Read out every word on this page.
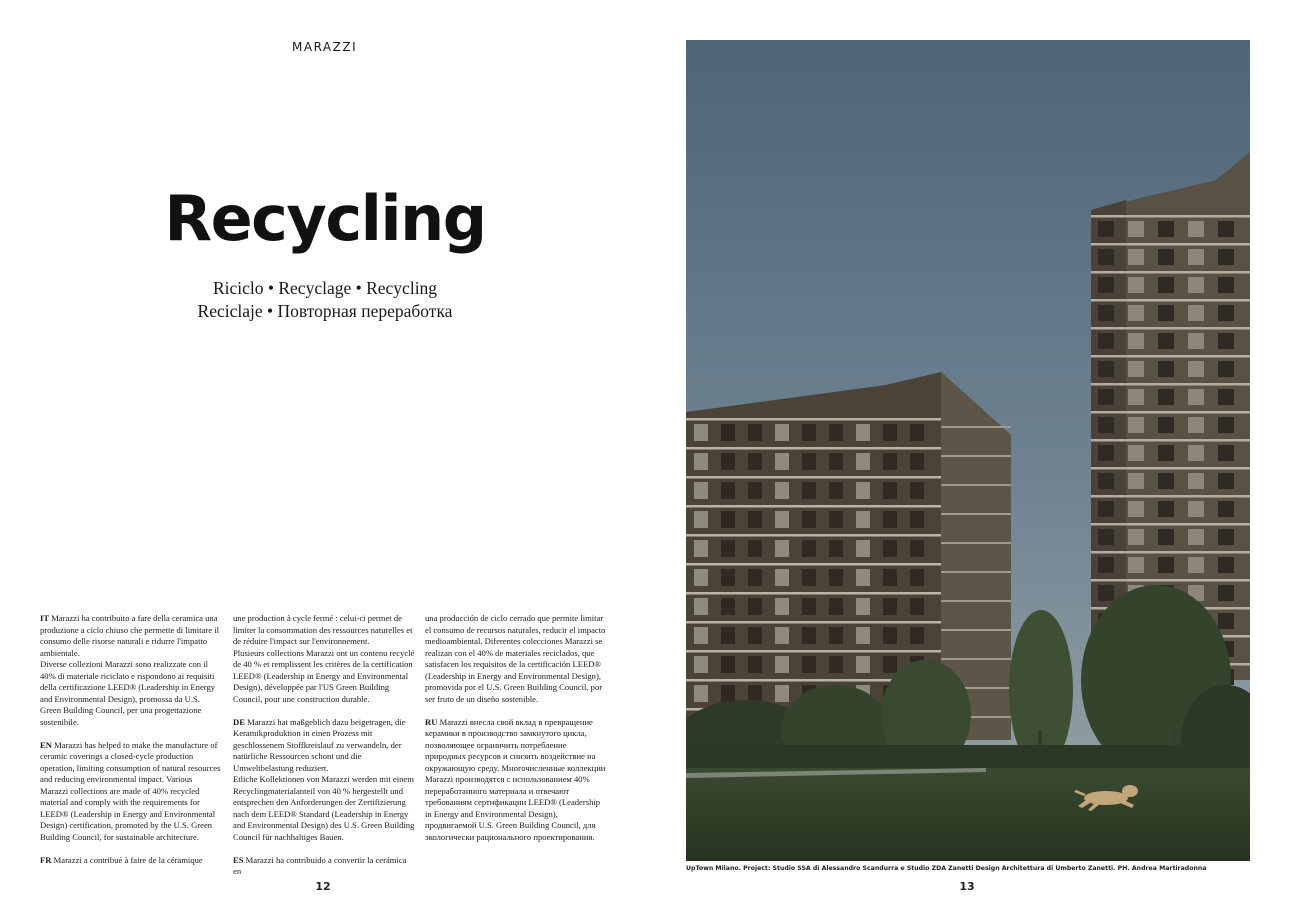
MARAZZI
Recycling
Riciclo • Recyclage • Recycling
Reciclaje • Повторная переработка

IT Marazzi ha contribuito a fare della ceramica una produzione a ciclo chiuso che permette di limitare il consumo delle risorse naturali e ridurre l'impatto ambientale.

Diverse collezioni Marazzi sono realizzate con il 40% di materiale riciclato e rispondono ai requisiti della certificazione LEED® (Leadership in Energy and Environmental Design), promossa da U.S. Green Building Council, per una progettazione sostenibile.

EN Marazzi has helped to make the manufacture of ceramic coverings a closed-cycle production operation, limiting consumption of natural resources and reducing environmental impact. Various Marazzi collections are made of 40% recycled material and comply with the requirements for LEED® (Leadership in Energy and Environmental Design) certification, promoted by the U.S. Green Building Council, for sustainable architecture.

FR Marazzi a contribué à faire de la céramique

une production à cycle fermé : celui-ci permet de limiter la consommation des ressources naturelles et de réduire l'impact sur l'environnement.

Plusieurs collections Marazzi ont un contenu recyclé de 40 % et remplissent les critères de la certification LEED® (Leadership in Energy and Environmental Design), développée par l'US Green Building Council, pour une construction durable.

DE Marazzi hat maßgeblich dazu beigetragen, die Keramikproduktion in einen Prozess mit geschlossenem Stoffkreislauf zu verwandeln, der natürliche Ressourcen schont und die Umweltbelastung reduziert.

Etliche Kollektionen von Marazzi werden mit einem Recyclingmaterialanteil von 40 % hergestellt und entsprechen den Anforderungen der Zertifizierung nach dem LEED® Standard (Leadership in Energy and Environmental Design) des U.S. Green Building Council für nachhaltiges Bauen.

ES Marazzi ha contribuido a convertir la cerámica en

una producción de ciclo cerrado que permite limitar el consumo de recursos naturales, reducir el impacto medioambiental. Diferentes colecciones Marazzi se realizan con el 40% de materiales reciclados, que satisfacen los requisitos de la certificación LEED® (Leadership in Energy and Environmental Design), promovida por el U.S. Green Building Council, por ser fruto de un diseño sostenible.

RU Marazzi внесла свой вклад в превращение керамики в производство замкнутого цикла, позволяющее ограничить потребление природных ресурсов и снизить воздействие на окружающую среду. Многочисленные коллекции Marazzi производятся с использованием 40% переработанного материала и отвечают требованиям сертификации LEED® (Leadership in Energy and Environmental Design), продвигаемой U.S. Green Building Council, для экологически рационального проектирования.

12	13
UpTown Milano. Project: Studio SSA di Alessandro Scandurra e Studio ZDA Zanetti Design Architettura di Umberto Zanetti. PH. Andrea Martiradonna
